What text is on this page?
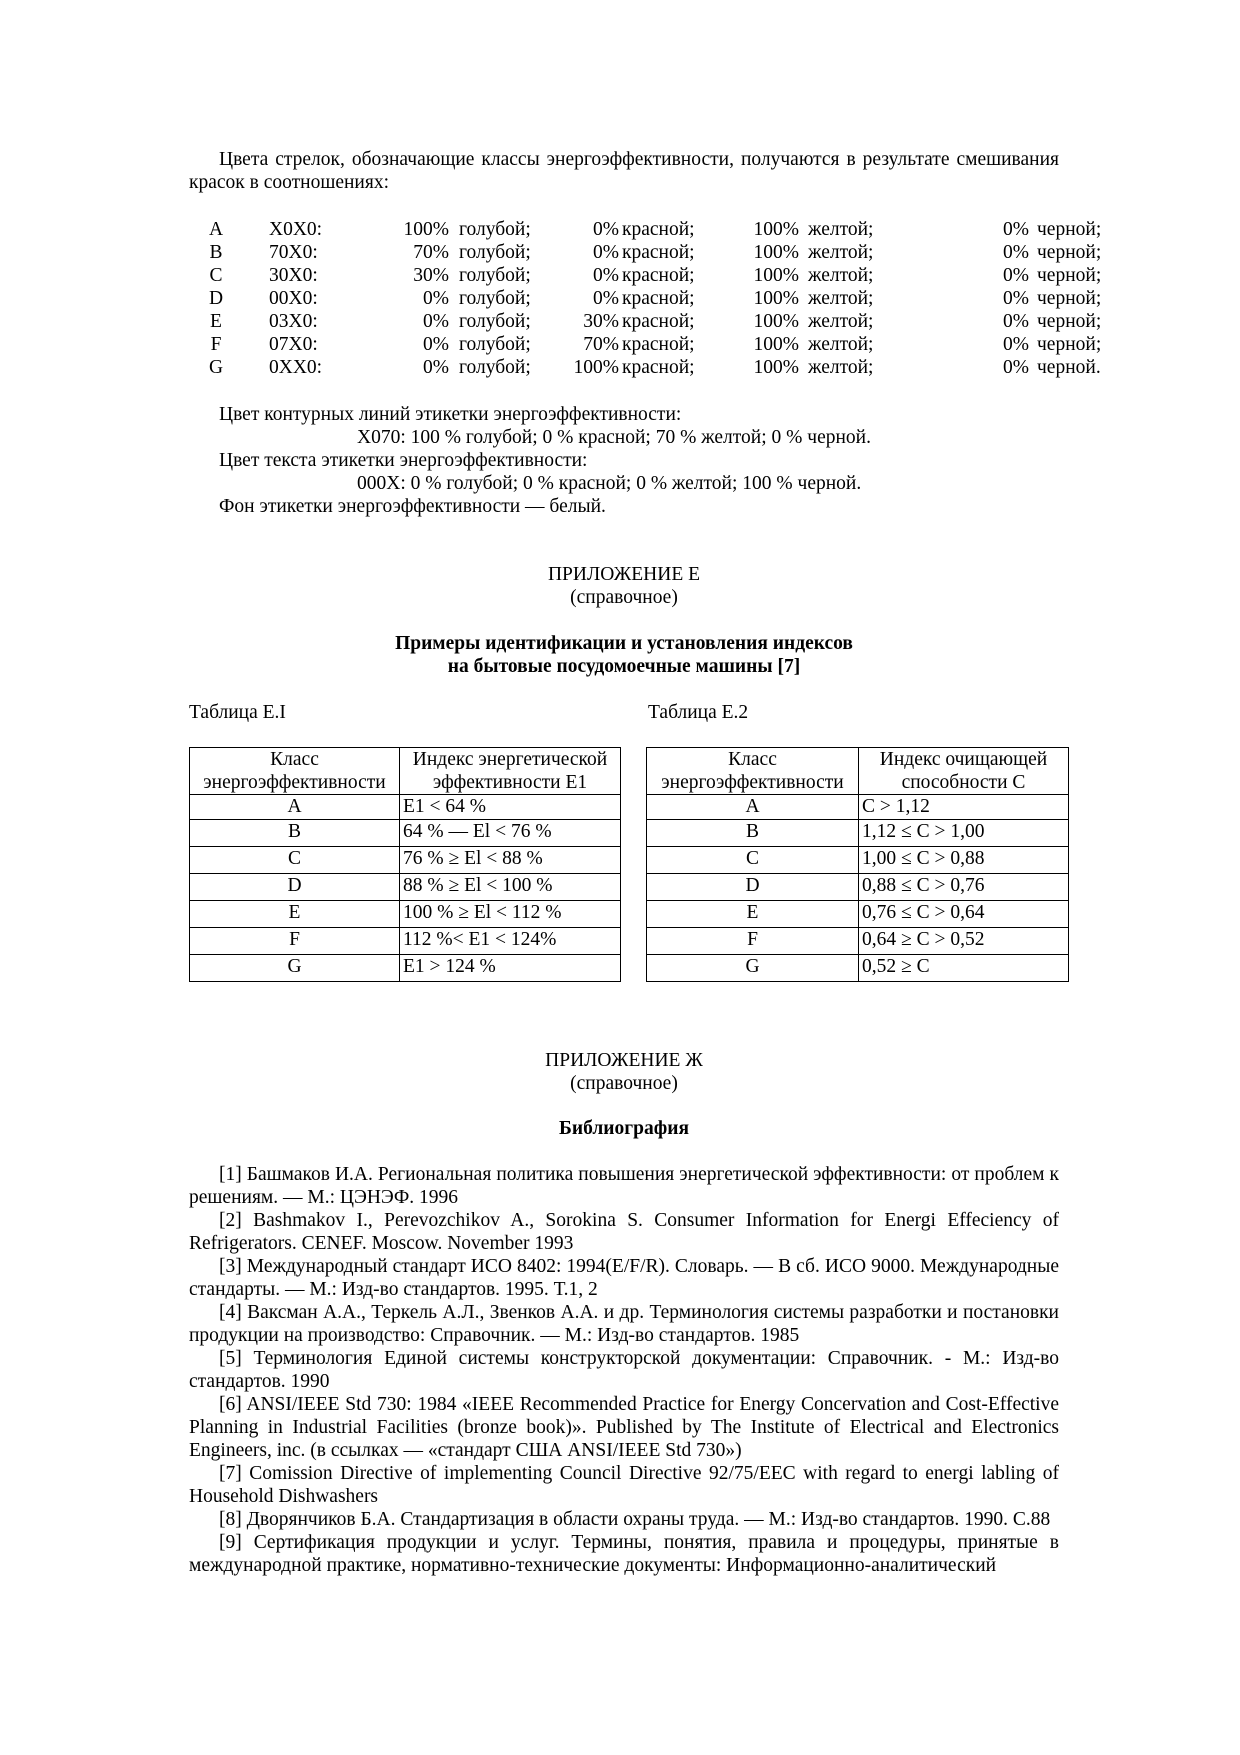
Цвета стрелок, обозначающие классы энергоэффективности, получаются в результате смешивания красок в соотношениях:

A X0X0:	100% голубой;	0% красной;	100% желтой;	0% черной;
B 70X0:	70% голубой;	0% красной;	100% желтой;	0% черной;
C 30X0:	30% голубой;	0% красной;	100% желтой;	0% черной;
D 00X0:	0% голубой;	0% красной;	100% желтой;	0% черной;
E 03X0:	0% голубой;	30% красной;	100% желтой;	0% черной;
F 07X0:	0% голубой;	70% красной;	100% желтой;	0% черной;
G 0XX0:	0% голубой;	100% красной;	100% желтой;	0% черной.

Цвет контурных линий этикетки энергоэффективности:

X070: 100 % голубой; 0 % красной; 70 % желтой; 0 % черной.

Цвет текста этикетки энергоэффективности:

000X: 0 % голубой; 0 % красной; 0 % желтой; 100 % черной.

Фон этикетки энергоэффективности — белый.

ПРИЛОЖЕНИЕ Е

(справочное)

Примеры идентификации и установления индексов

на бытовые посудомоечные машины [7]

Таблица Е.I	Таблица Е.2
Класс
энергоэффективности	Индекс энергетической
эффективности Е1
A	Е1 < 64 %
B	64 % — El < 76 %
C	76 % ≥ El < 88 %
D	88 % ≥ El < 100 %
E	100 % ≥ El < 112 %
F	112 %< Е1 < 124%
G	Е1 > 124 %
Класс
энергоэффективности	Индекс очищающей
способности С
A	С > 1,12
B	1,12 ≤ С > 1,00
C	1,00 ≤ С > 0,88
D	0,88 ≤ С > 0,76
E	0,76 ≤ С > 0,64
F	0,64 ≥ С > 0,52
G	0,52 ≥ С

ПРИЛОЖЕНИЕ Ж

(справочное)

Библиография

[1] Башмаков И.А. Региональная политика повышения энергетической эффективности: от проблем к решениям. — М.: ЦЭНЭФ. 1996

[2] Bashmakov I., Perevozchikov A., Sorokina S. Consumer Information for Energi Effeciency of Refrigerators. CENEF. Moscow. November 1993

[3] Международный стандарт ИСО 8402: 1994(E/F/R). Словарь. — В сб. ИСО 9000. Международные стандарты. — М.: Изд-во стандартов. 1995. Т.1, 2

[4] Ваксман А.А., Теркель А.Л., Звенков А.А. и др. Терминология системы разработки и постановки продукции на производство: Справочник. — М.: Изд-во стандартов. 1985

[5] Терминология Единой системы конструкторской документации: Справочник. - М.: Изд-во стандартов. 1990

[6] ANSI/IEEE Std 730: 1984 «IEEE Recommended Practice for Energy Concervation and Cost-Effective Planning in Industrial Facilities (bronze book)». Published by The Institute of Electrical and Electronics Engineers, inc. (в ссылках — «стандарт США ANSI/IEEE Std 730»)

[7] Comission Directive of implementing Council Directive 92/75/EEC with regard to energi labling of Household Dishwashers

[8] Дворянчиков Б.А. Стандартизация в области охраны труда. — М.: Изд-во стандартов. 1990. С.88

[9] Сертификация продукции и услуг. Термины, понятия, правила и процедуры, принятые в международной практике, нормативно-технические документы: Информационно-аналитический
